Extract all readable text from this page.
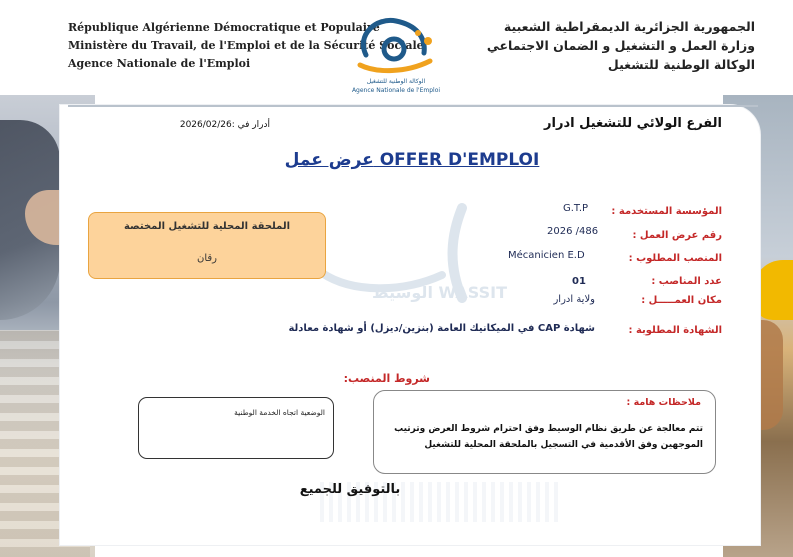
République Algérienne Démocratique et Populaire
Ministère du Travail, de l'Emploi et de la Sécurité Sociale
Agence Nationale de l'Emploi
الجمهورية الجزائرية الديمقراطية الشعبية
وزارة العمل و التشغيل و الضمان الاجتماعي
الوكالة الوطنية للتشغيل
الوكالة الوطنية للتشغيل
Agence Nationale de l'Emploi
الفرع الولائي للتشغيل ادرار
أدرار في :2026/02/26
عرض عمل OFFER D'EMPLOI
الوسيط WASSIT
المؤسسة المستخدمة :
G.T.P
رقم عرض العمل :
2026 /486
المنصب المطلوب :
Mécanicien E.D
عدد المناصب :
01
مكان العمـــــل :
ولاية ادرار
الشهادة المطلوبة :
شهادة CAP في الميكانيك العامة (بنزين/ديزل) أو شهادة معادلة
الملحقة المحلية للتشغيل المختصة
رقان
شروط المنصب:
الوضعية اتجاه الخدمة الوطنية
ملاحظات هامة :
تتم معالجة عن طريق نظام الوسيط وفق احترام شروط العرض وترتيب
الموجهين وفق الأقدمية في التسجيل بالملحقة المحلية للتشغيل
بالتوفيق للجميع
